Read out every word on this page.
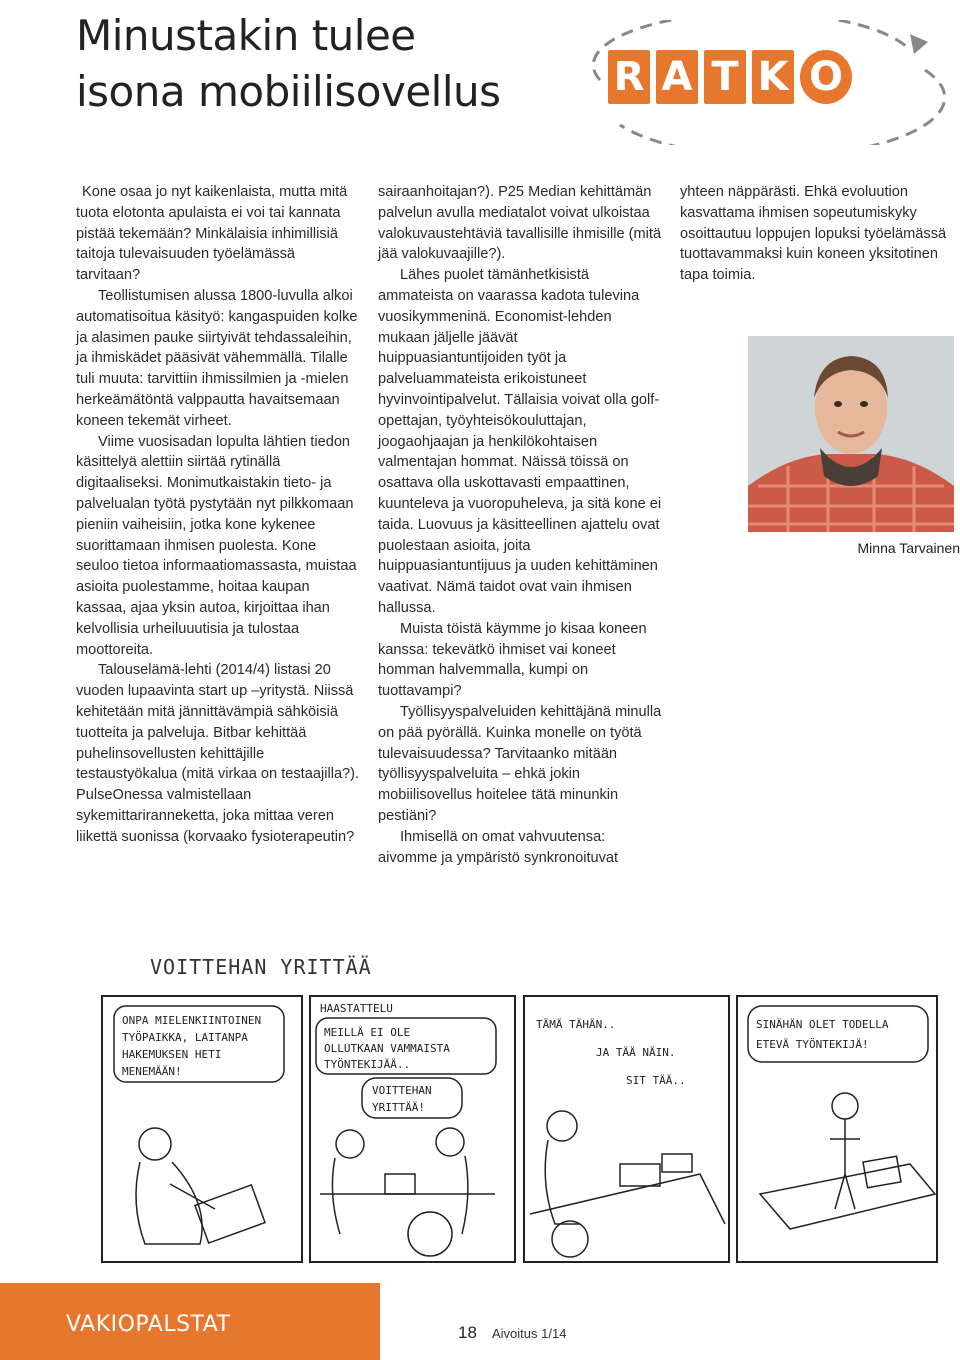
Minustakin tulee
isona mobiilisovellus	R A T K O

Kone osaa jo nyt kaikenlaista, mutta mitä tuota elotonta apulaista ei voi tai kannata pistää tekemään? Minkälaisia inhimillisiä taitoja tulevaisuuden työelämässä tarvitaan?

Teollistumisen alussa 1800-luvulla alkoi automatisoitua käsityö: kangaspuiden kolke ja alasimen pauke siirtyivät tehdassaleihin, ja ihmiskädet pääsivät vähemmällä. Tilalle tuli muuta: tarvittiin ihmissilmien ja -mielen herkeämätöntä valppautta havaitsemaan koneen tekemät virheet.

Viime vuosisadan lopulta lähtien tiedon käsittelyä alettiin siirtää rytinällä digitaaliseksi. Monimutkaistakin tieto- ja palvelualan työtä pystytään nyt pilkkomaan pieniin vaiheisiin, jotka kone kykenee suorittamaan ihmisen puolesta. Kone seuloo tietoa informaatiomassasta, muistaa asioita puolestamme, hoitaa kaupan kassaa, ajaa yksin autoa, kirjoittaa ihan kelvollisia urheiluuutisia ja tulostaa moottoreita.

Talouselämä-lehti (2014/4) listasi 20 vuoden lupaavinta start up –yritystä. Niissä kehitetään mitä jännittävämpiä sähköisiä tuotteita ja palveluja. Bitbar kehittää puhelinsovellusten kehittäjille testaustyökalua (mitä virkaa on testaajilla?). PulseOnessa valmistellaan sykemittariranneketta, joka mittaa veren liikettä suonissa (korvaako fysioterapeutin?

sairaanhoitajan?). P25 Median kehittämän palvelun avulla mediatalot voivat ulkoistaa valokuvaustehtäviä tavallisille ihmisille (mitä jää valokuvaajille?).

Lähes puolet tämänhetkisistä ammateista on vaarassa kadota tulevina vuosikymmeninä. Economist-lehden mukaan jäljelle jäävät huippuasiantuntijoiden työt ja palveluammateista erikoistuneet hyvinvointipalvelut. Tällaisia voivat olla golf-opettajan, työyhteisökouluttajan, joogaohjaajan ja henkilökohtaisen valmentajan hommat. Näissä töissä on osattava olla uskottavasti empaattinen, kuunteleva ja vuoropuheleva, ja sitä kone ei taida. Luovuus ja käsitteellinen ajattelu ovat puolestaan asioita, joita huippuasiantuntijuus ja uuden kehittäminen vaativat. Nämä taidot ovat vain ihmisen hallussa.

Muista töistä käymme jo kisaa koneen kanssa: tekevätkö ihmiset vai koneet homman halvemmalla, kumpi on tuottavampi?

Työllisyyspalveluiden kehittäjänä minulla on pää pyörällä. Kuinka monelle on työtä tulevaisuudessa? Tarvitaanko mitään työllisyyspalveluita – ehkä jokin mobiilisovellus hoitelee tätä minunkin pestiäni?

Ihmisellä on omat vahvuutensa: aivomme ja ympäristö synkronoituvat

yhteen näppärästi. Ehkä evoluution kasvattama ihmisen sopeutumiskyky osoittautuu loppujen lopuksi työelämässä tuottavammaksi kuin koneen yksitotinen tapa toimia.

Minna Tarvainen
VOITTEHAN YRITTÄÄ
ONPA MIELENKIINTOINEN
TYÖPAIKKA, LAITANPA
HAKEMUKSEN HETI
MENEMÄÄN!
HAASTATTELU
MEILLÄ EI OLE
OLLUTKAAN VAMMAISTA
TYÖNTEKIJÄÄ..
VOITTEHAN
YRITTÄÄ!
TÄMÄ TÄHÄN..
JA TÄÄ NÄIN.
SIT TÄÄ..
SINÄHÄN OLET TODELLA
ETEVÄ TYÖNTEKIJÄ!
VAKIOPALSTAT	18 Aivoitus 1/14
